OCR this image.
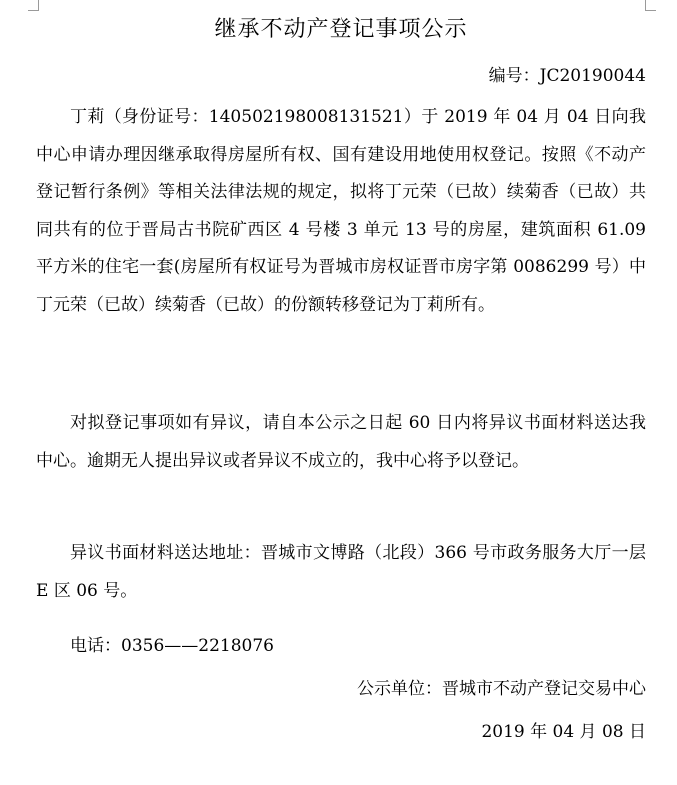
继承不动产登记事项公示
编号：JC20190044

丁莉（身份证号：140502198008131521）于 2019 年 04 月 04 日向我中心申请办理因继承取得房屋所有权、国有建设用地使用权登记。按照《不动产登记暂行条例》等相关法律法规的规定，拟将丁元荣（已故）续菊香（已故）共同共有的位于晋局古书院矿西区 4 号楼 3 单元 13 号的房屋，建筑面积 61.09 平方米的住宅一套(房屋所有权证号为晋城市房权证晋市房字第 0086299 号）中丁元荣（已故）续菊香（已故）的份额转移登记为丁莉所有。

对拟登记事项如有异议，请自本公示之日起 60 日内将异议书面材料送达我中心。逾期无人提出异议或者异议不成立的，我中心将予以登记。

异议书面材料送达地址：晋城市文博路（北段）366 号市政务服务大厅一层 E 区 06 号。

电话：0356——2218076
公示单位：晋城市不动产登记交易中心
2019 年 04 月 08 日
